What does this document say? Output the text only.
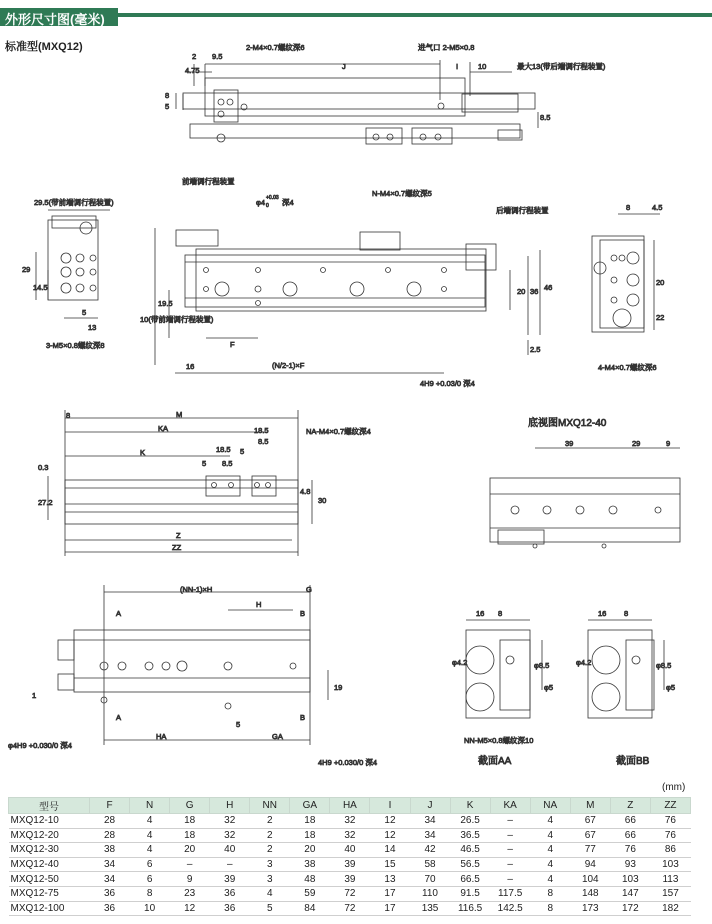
外形尺寸图(毫米)
标准型(MXQ12)
2 9.5
2-M4×0.7螺纹深6
4.75
进气口 2-M5×0.8
J	I	10	最大13(带后端调行程装置)
8
5
8.5
29.5(带前端调行程装置)
前端调行程装置
φ4 +0.03
0 深4
N-M4×0.7螺纹深5
后端调行程装置	8	4.5
29
14.5
5
13
3-M5×0.8螺纹深8
10(带前端调行程装置)
19.5
F
16	(N/2-1)×F
4H9 +0.03/0 深4
20 36 46
2.5
20
22
4-M4×0.7螺纹深6
8	M
KA	NA-M4×0.7螺纹深4
K
18.5
8.5
5
18.5
8.5
5
0.3
27.2
4.8
30
Z
ZZ
底视图MXQ12-40
39	29	9
(NN-1)×H	G
H
A	B
1
19
A	B
5
HA	GA
φ4H9 +0.030/0 深4
4H9 +0.030/0 深4
16 8
φ4.2	φ8.5
φ5
NN-M5×0.8螺纹深10
16 8
φ4.2	φ8.5
φ5
截面AA	截面BB
(mm)
型号	F	N	G	H	NN	GA	HA	I	J	K	KA	NA	M	Z	ZZ
MXQ12-10	28	4	18	32	2	18	32	12	34	26.5	–	4	67	66	76
MXQ12-20	28	4	18	32	2	18	32	12	34	36.5	–	4	67	66	76
MXQ12-30	38	4	20	40	2	20	40	14	42	46.5	–	4	77	76	86
MXQ12-40	34	6	–	–	3	38	39	15	58	56.5	–	4	94	93	103
MXQ12-50	34	6	9	39	3	48	39	13	70	66.5	–	4	104	103	113
MXQ12-75	36	8	23	36	4	59	72	17	110	91.5	117.5	8	148	147	157
MXQ12-100	36	10	12	36	5	84	72	17	135	116.5	142.5	8	173	172	182
